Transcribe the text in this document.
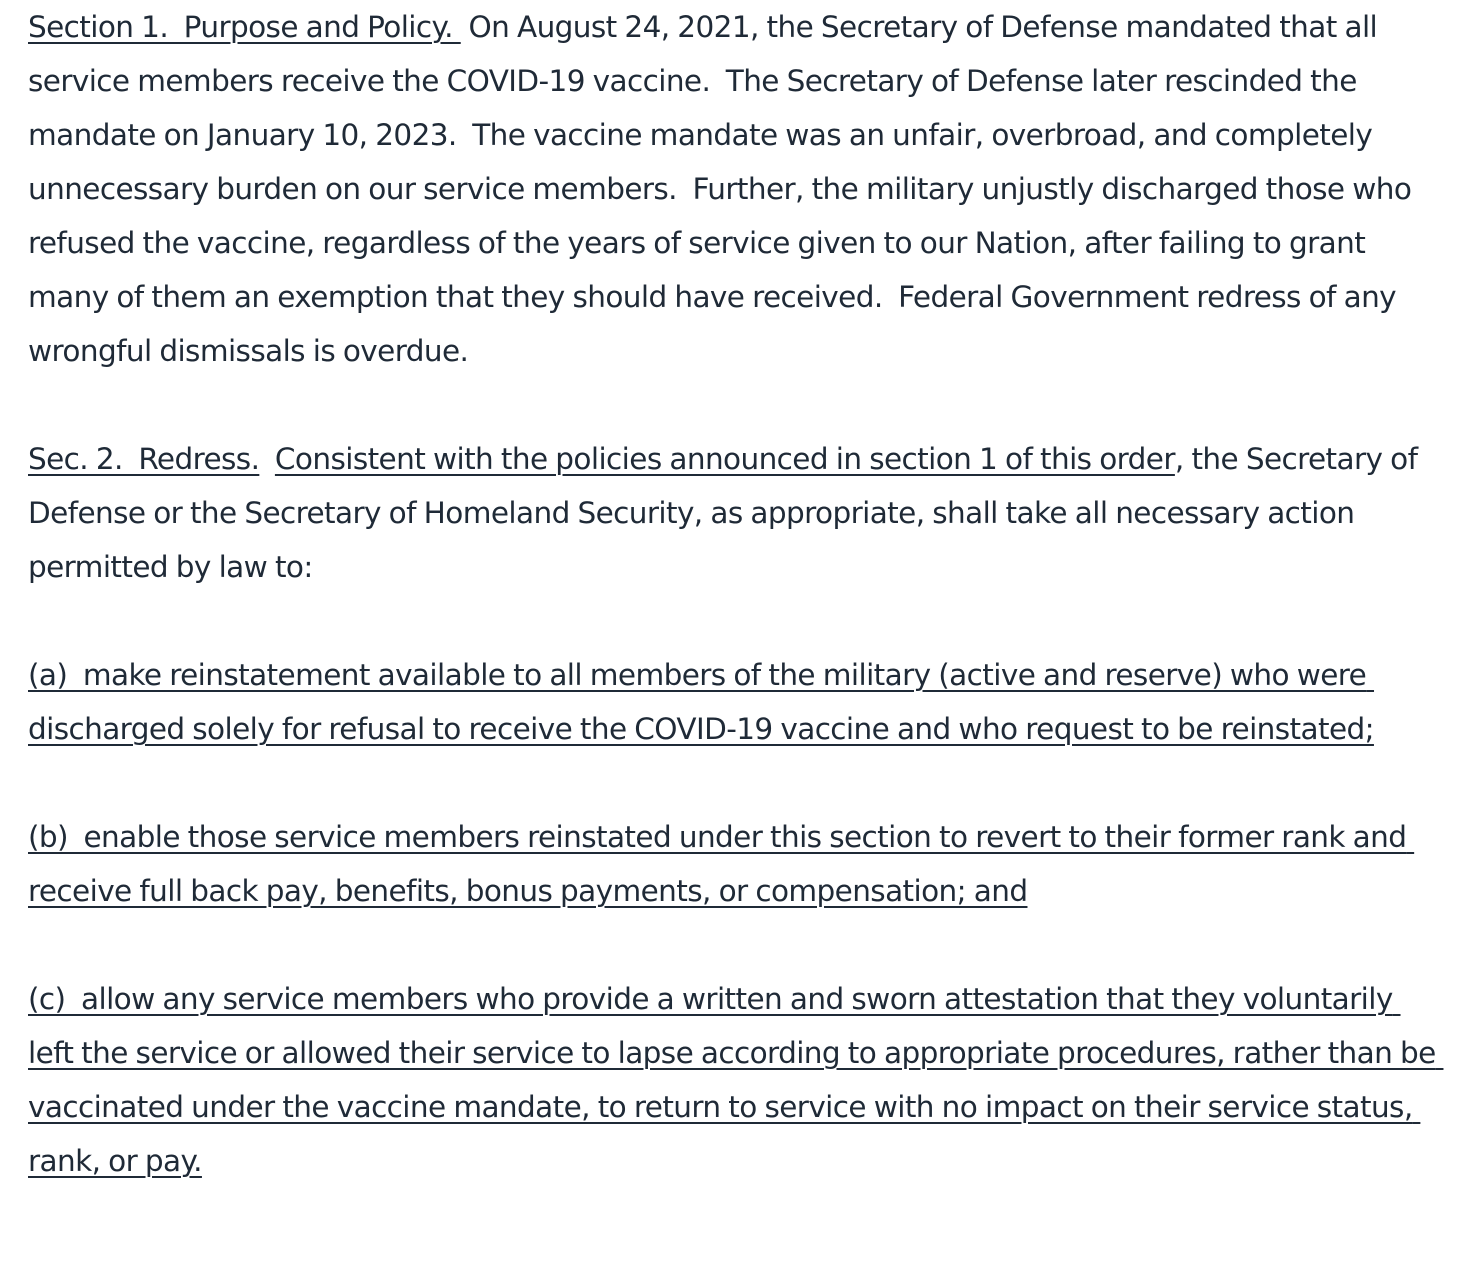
Section 1.  Purpose and Policy.  On August 24, 2021, the Secretary of Defense mandated that all service members receive the COVID-19 vaccine.  The Secretary of Defense later rescinded the mandate on January 10, 2023.  The vaccine mandate was an unfair, overbroad, and completely unnecessary burden on our service members.  Further, the military unjustly discharged those who refused the vaccine, regardless of the years of service given to our Nation, after failing to grant many of them an exemption that they should have received.  Federal Government redress of any wrongful dismissals is overdue.

Sec. 2.  Redress. Consistent with the policies announced in section 1 of this order, the Secretary of Defense or the Secretary of Homeland Security, as appropriate, shall take all necessary action permitted by law to:

(a)  make reinstatement available to all members of the military (active and reserve) who were discharged solely for refusal to receive the COVID-19 vaccine and who request to be reinstated;

(b)  enable those service members reinstated under this section to revert to their former rank and receive full back pay, benefits, bonus payments, or compensation; and

(c)  allow any service members who provide a written and sworn attestation that they voluntarily left the service or allowed their service to lapse according to appropriate procedures, rather than be vaccinated under the vaccine mandate, to return to service with no impact on their service status, rank, or pay.
